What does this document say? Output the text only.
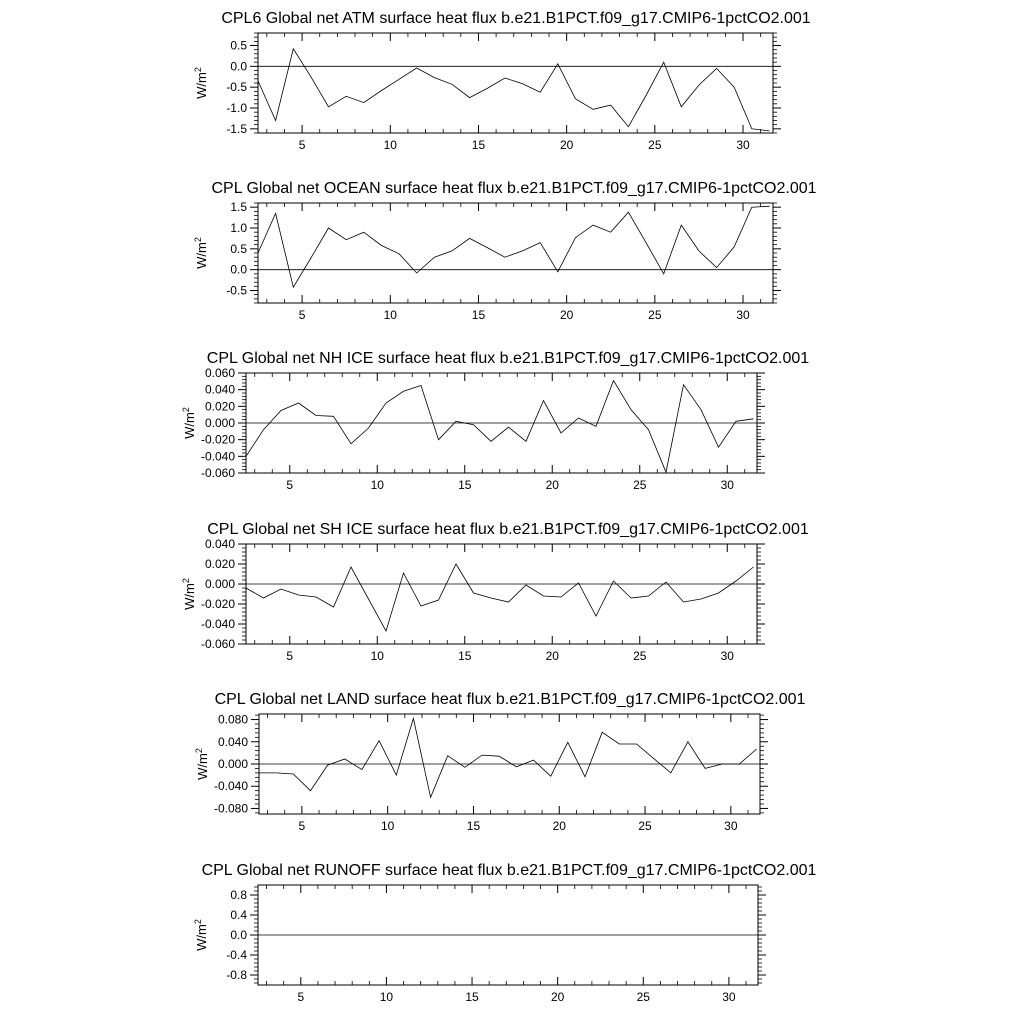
CPL6 Global net ATM surface heat flux b.e21.B1PCT.f09_g17.CMIP6-1pctCO2.001
5	10	15	20	25	30
0.5
0.0
-0.5
-1.0
-1.5
$W/m^2$
CPL Global net OCEAN surface heat flux b.e21.B1PCT.f09_g17.CMIP6-1pctCO2.001
5	10	15	20	25	30
1.5
1.0
0.5
0.0
-0.5
$W/m^2$
CPL Global net NH ICE surface heat flux b.e21.B1PCT.f09_g17.CMIP6-1pctCO2.001
5	10	15	20	25	30
0.060
0.040
0.020
0.000
-0.020
-0.040
-0.060
$W/m^2$
CPL Global net SH ICE surface heat flux b.e21.B1PCT.f09_g17.CMIP6-1pctCO2.001
5	10	15	20	25	30
0.040
0.020
0.000
-0.020
-0.040
-0.060
$W/m^2$
CPL Global net LAND surface heat flux b.e21.B1PCT.f09_g17.CMIP6-1pctCO2.001
5	10	15	20	25	30
0.080
0.040
0.000
-0.040
-0.080
$W/m^2$
CPL Global net RUNOFF surface heat flux b.e21.B1PCT.f09_g17.CMIP6-1pctCO2.001
5	10	15	20	25	30
0.8
0.4
0.0
-0.4
-0.8
$W/m^2$
